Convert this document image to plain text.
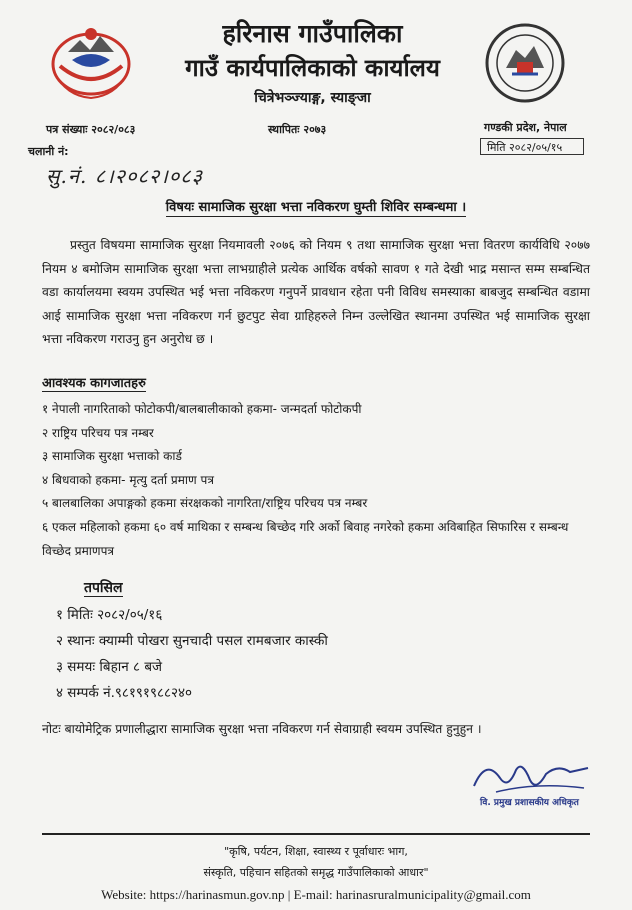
हरिनास गाउँपालिका
गाउँ कार्यपालिकाको कार्यालय
चित्रेभञ्ज्याङ्ग, स्याङ्जा
पत्र संख्याः २०८२/०८३	स्थापितः २०७३	गण्डकी प्रदेश, नेपाल
चलानी नं:	मिति २०८२/०५/१५
सु.नं. ८।२०८२।०८३
विषयः सामाजिक सुरक्षा भत्ता नविकरण घुम्ती शिविर सम्बन्धमा ।
प्रस्तुत विषयमा सामाजिक सुरक्षा नियमावली २०७६ को नियम ९ तथा सामाजिक सुरक्षा भत्ता वितरण कार्यविधि २०७७ नियम ४ बमोजिम सामाजिक सुरक्षा भत्ता लाभग्राहीले प्रत्येक आर्थिक वर्षको सावण १ गते देखी भाद्र मसान्त सम्म सम्बन्धित वडा कार्यालयमा स्वयम उपस्थित भई भत्ता नविकरण गनुपर्ने प्रावधान रहेता पनी विविध समस्याका बाबजुद सम्बन्धित वडामा आई सामाजिक सुरक्षा भत्ता नविकरण गर्न छुटपुट सेवा ग्राहिहरुले निम्न उल्लेखित स्थानमा उपस्थित भई सामाजिक सुरक्षा भत्ता नविकरण गराउनु हुन अनुरोध छ ।
आवश्यक कागजातहरु
१ नेपाली नागरिताको फोटोकपी/बालबालीकाको हकमा- जन्मदर्ता फोटोकपी
२ राष्ट्रिय परिचय पत्र नम्बर
३ सामाजिक सुरक्षा भत्ताको कार्ड
४ बिधवाको हकमा- मृत्यु दर्ता प्रमाण पत्र
५ बालबालिका अपाङ्गको हकमा संरक्षकको नागरिता/राष्ट्रिय परिचय पत्र नम्बर
६ एकल महिलाको हकमा ६० वर्ष माथिका र सम्बन्ध बिच्छेद गरि अर्को बिवाह नगरेको हकमा अविबाहित सिफारिस र सम्बन्ध विच्छेद प्रमाणपत्र
तपसिल
१ मितिः २०८२/०५/१६
२ स्थानः क्याम्मी पोखरा सुनचादी पसल रामबजार कास्की
३ समयः बिहान ८ बजे
४ सम्पर्क नं.९८१९१९८८२४०
नोटः बायोमेट्रिक प्रणालीद्धारा सामाजिक सुरक्षा भत्ता नविकरण गर्न सेवाग्राही स्वयम उपस्थित हुनुहुन ।
वि. प्रमुख प्रशासकीय अधिकृत
"कृषि, पर्यटन, शिक्षा, स्वास्थ्य र पूर्वाधारः भाग,
संस्कृति, पहिचान सहितको समृद्ध गाउँपालिकाको आधार"
Website: https://harinasmun.gov.np | E-mail: harinasruralmunicipality@gmail.com
